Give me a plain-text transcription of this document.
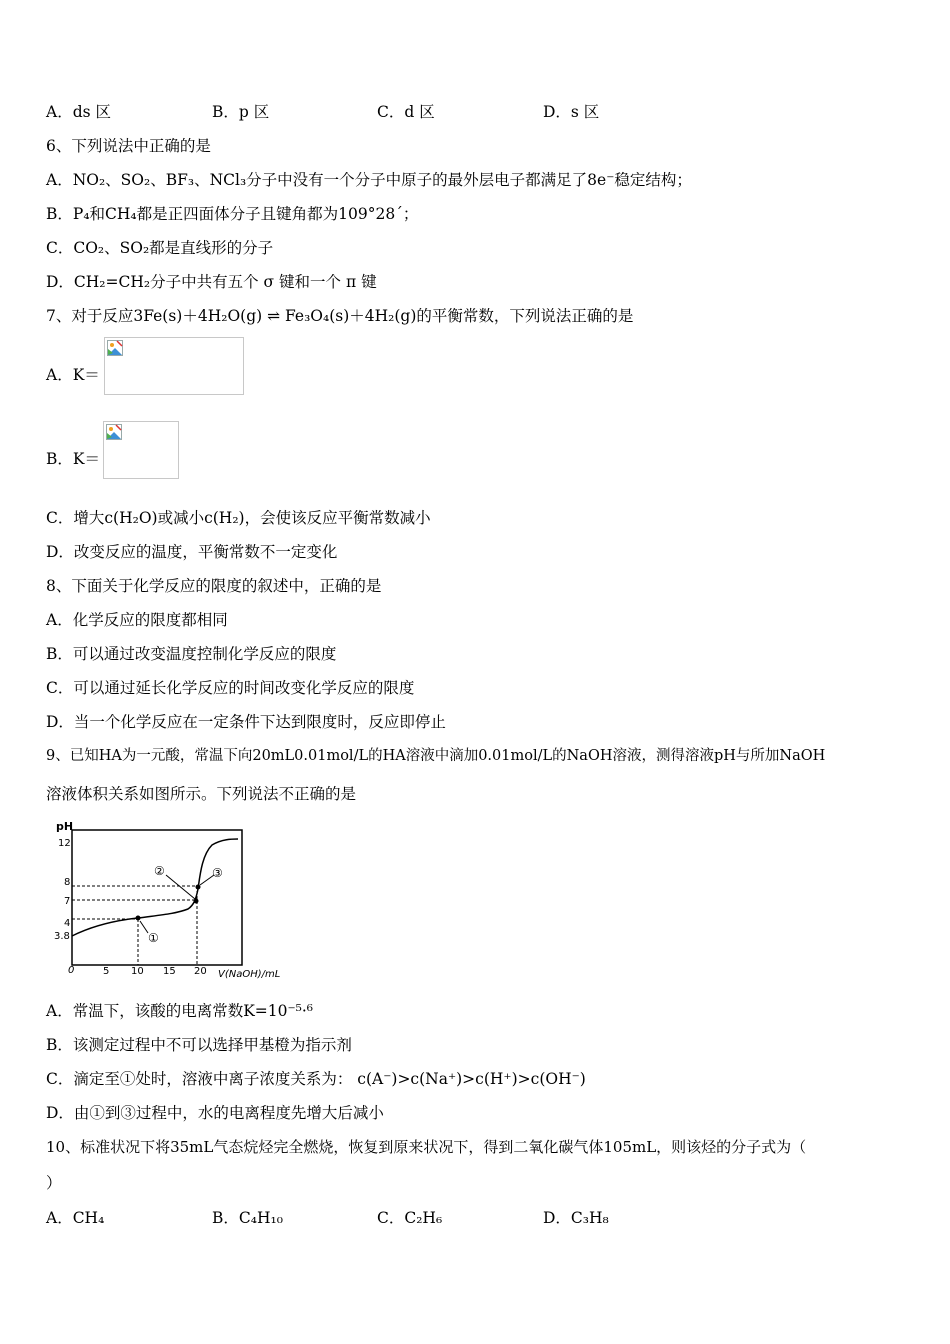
A．ds 区	B．p 区	C．d 区	D．s 区
6、下列说法中正确的是
A．NO₂、SO₂、BF₃、NCl₃分子中没有一个分子中原子的最外层电子都满足了8e⁻稳定结构；
B．P₄和CH₄都是正四面体分子且键角都为109°28´；
C．CO₂、SO₂都是直线形的分子
D．CH₂=CH₂分子中共有五个 σ 键和一个 π 键
7、对于反应3Fe(s)＋4H₂O(g) ⇌ Fe₃O₄(s)＋4H₂(g)的平衡常数，下列说法正确的是
A．K＝
B．K＝
C．增大c(H₂O)或减小c(H₂)，会使该反应平衡常数减小
D．改变反应的温度，平衡常数不一定变化
8、下面关于化学反应的限度的叙述中，正确的是
A．化学反应的限度都相同
B．可以通过改变温度控制化学反应的限度
C．可以通过延长化学反应的时间改变化学反应的限度
D．当一个化学反应在一定条件下达到限度时，反应即停止
9、已知HA为一元酸，常温下向20mL0.01mol/L的HA溶液中滴加0.01mol/L的NaOH溶液，测得溶液pH与所加NaOH
溶液体积关系如图所示。下列说法不正确的是
pH
V(NaOH)/mL
12
8
7
4
3.8
0	5 10 15 20
①
②	③
A．常温下，该酸的电离常数K=10⁻⁵·⁶
B．该测定过程中不可以选择甲基橙为指示剂
C．滴定至①处时，溶液中离子浓度关系为： c(A⁻)>c(Na⁺)>c(H⁺)>c(OH⁻)
D．由①到③过程中，水的电离程度先增大后减小
10、标准状况下将35mL气态烷烃完全燃烧，恢复到原来状况下，得到二氧化碳气体105mL，则该烃的分子式为（
）
A．CH₄	B．C₄H₁₀	C．C₂H₆	D．C₃H₈
